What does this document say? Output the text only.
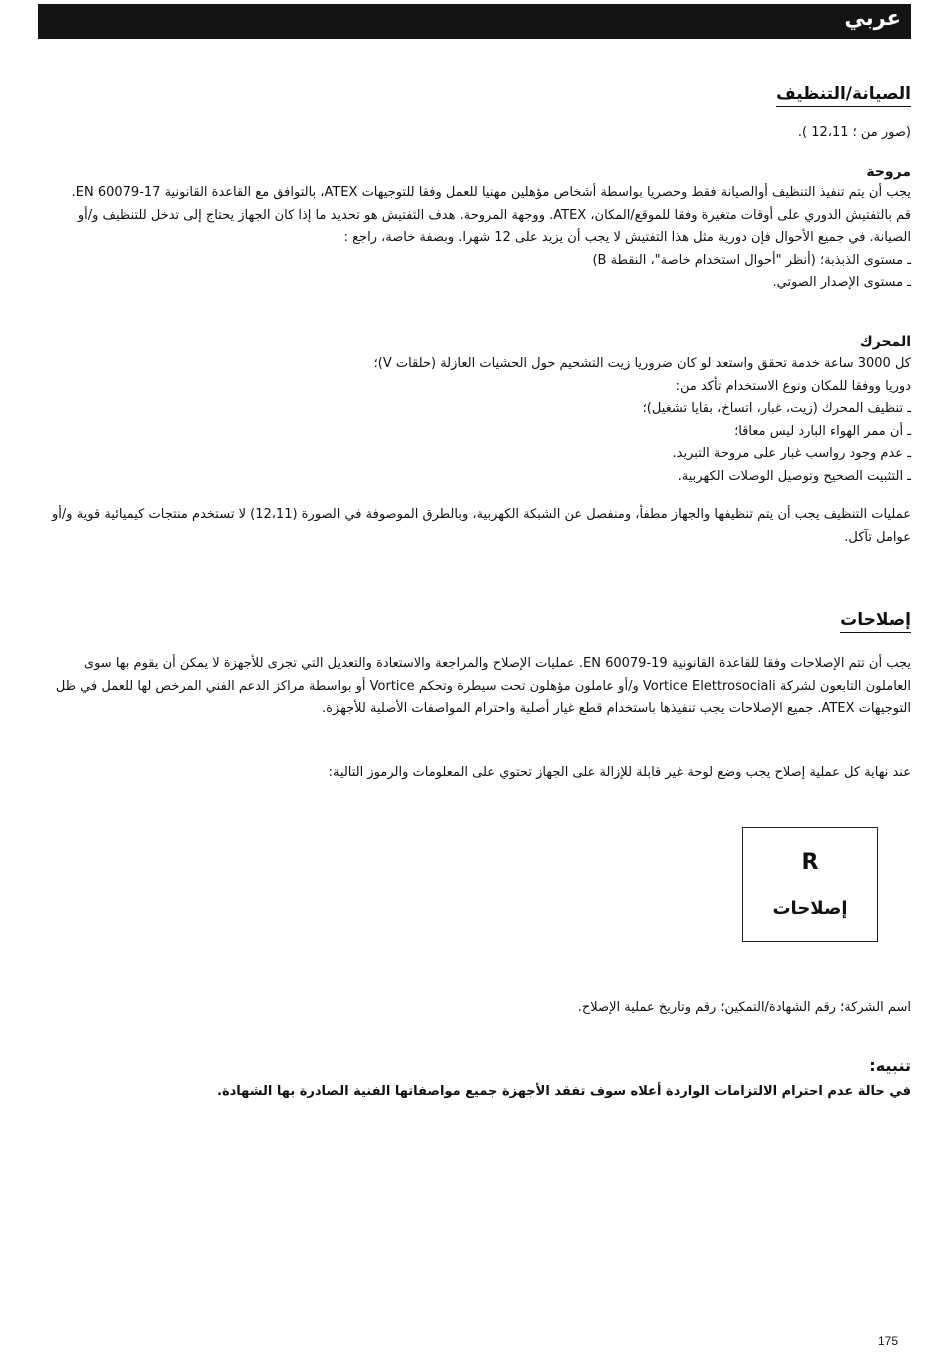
عربي
الصيانة/التنظيف
(صور من ؛ 12،11 ).
مروحة

يجب أن يتم تنفيذ التنظيف أوالصيانة فقط وحصريا بواسطة أشخاص مؤهلين مهنيا للعمل وفقا للتوجيهات ATEX، بالتوافق مع القاعدة القانونية EN 60079-17.

قم بالتفتيش الدوري على أوقات متغيرة وفقا للموقع/المكان، ATEX. ووجهة المروحة. هدف التفتيش هو تحديد ما إذا كان الجهاز يحتاج إلى تدخل للتنظيف و/أو الصيانة. في جميع الأحوال فإن دورية مثل هذا التفتيش لا يجب أن يزيد على 12 شهرا. وبصفة خاصة، راجع :

ـ مستوى الذبذبة؛ (أنظر "أحوال استخدام خاصة"، النقطة B)

ـ مستوى الإصدار الصوتي.

المحرك

كل 3000 ساعة خدمة تحقق واستعد لو كان ضروريا زيت التشحيم حول الحشيات العازلة (حلقات V)؛

دوريا ووفقا للمكان ونوع الاستخدام تأكد من:

ـ تنظيف المحرك (زيت، غبار، اتساخ، بقايا تشغيل)؛

ـ أن ممر الهواء البارد ليس معاقا؛

ـ عدم وجود رواسب غبار على مروحة التبريد.

ـ التثبيت الصحيح وتوصيل الوصلات الكهربية.

عمليات التنظيف يجب أن يتم تنظيفها والجهاز مطفأ، ومنفصل عن الشبكة الكهربية، وبالطرق الموصوفة في الصورة (12،11) لا تستخدم منتجات كيميائية قوية و/أو عوامل تآكل.
إصلاحات
يجب أن تتم الإصلاحات وفقا للقاعدة القانونية EN 60079-19. عمليات الإصلاح والمراجعة والاستعادة والتعديل التي تجرى للأجهزة لا يمكن أن يقوم بها سوى العاملون التابعون لشركة Vortice Elettrosociali و/أو عاملون مؤهلون تحت سيطرة وتحكم Vortice أو بواسطة مراكز الدعم الفني المرخص لها للعمل في ظل التوجيهات ATEX. جميع الإصلاحات يجب تنفيذها باستخدام قطع غيار أصلية واحترام المواصفات الأصلية للأجهزة.
عند نهاية كل عملية إصلاح يجب وضع لوحة غير قابلة للإزالة على الجهاز تحتوي على المعلومات والرموز التالية:
اسم الشركة؛ رقم الشهادة/التمكين؛ رقم وتاريخ عملية الإصلاح.
R
إصلاحات
تنبيه:
في حالة عدم احترام الالتزامات الواردة أعلاه سوف تفقد الأجهزة جميع مواصفاتها الفنية الصادرة بها الشهادة.
175
